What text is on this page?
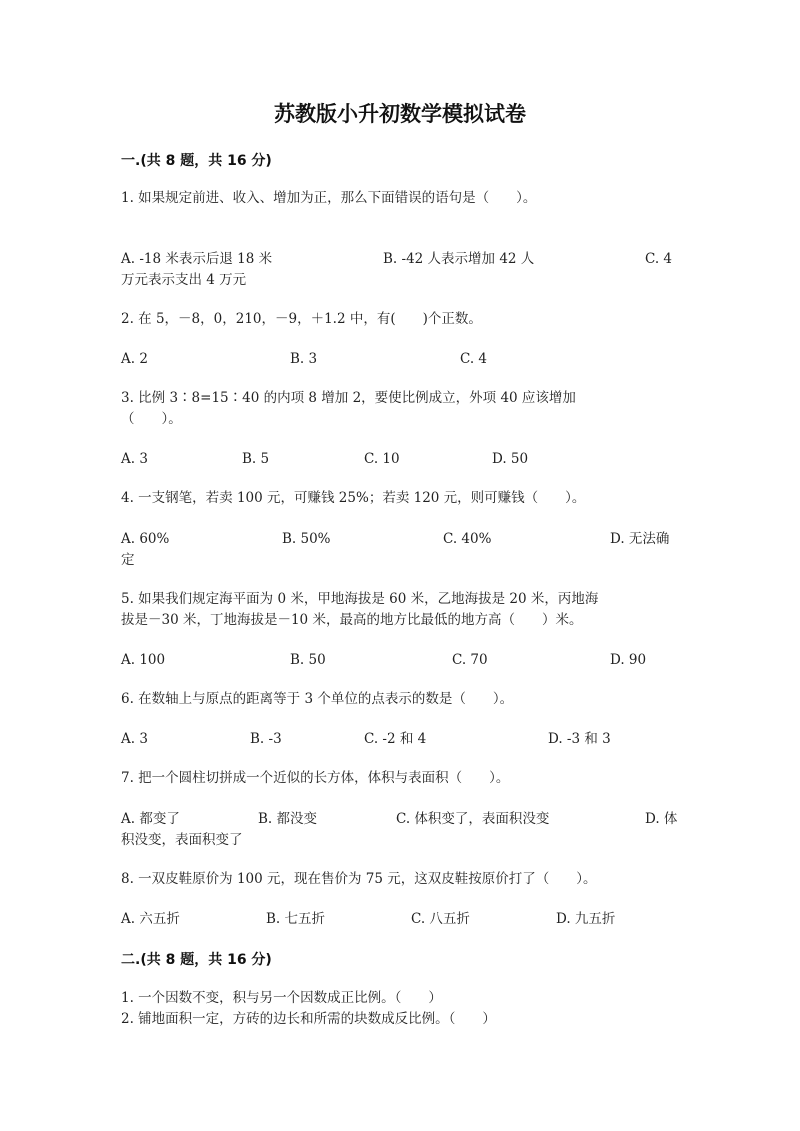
苏教版小升初数学模拟试卷

一.(共 8 题，共 16 分)

1. 如果规定前进、收入、增加为正，那么下面错误的语句是（　　）。

A. -18 米表示后退 18 米	B. -42 人表示增加 42 人	C. 4

万元表示支出 4 万元

2. 在 5，－8，0，210，－9，＋1.2 中，有(　　)个正数。

A. 2	B. 3	C. 4

3. 比例 3∶8=15∶40 的内项 8 增加 2，要使比例成立，外项 40 应该增加

（　　）。

A. 3	B. 5	C. 10	D. 50

4. 一支钢笔，若卖 100 元，可赚钱 25%；若卖 120 元，则可赚钱（　　）。

A. 60%	B. 50%	C. 40%	D. 无法确

定

5. 如果我们规定海平面为 0 米，甲地海拔是 60 米，乙地海拔是 20 米，丙地海

拔是－30 米，丁地海拔是－10 米，最高的地方比最低的地方高（　　）米。

A. 100	B. 50	C. 70	D. 90

6. 在数轴上与原点的距离等于 3 个单位的点表示的数是（　　）。

A. 3	B. -3	C. -2 和 4	D. -3 和 3

7. 把一个圆柱切拼成一个近似的长方体，体积与表面积（　　）。

A. 都变了	B. 都没变	C. 体积变了，表面积没变	D. 体

积没变，表面积变了

8. 一双皮鞋原价为 100 元，现在售价为 75 元，这双皮鞋按原价打了（　　）。

A. 六五折	B. 七五折	C. 八五折	D. 九五折

二.(共 8 题，共 16 分)

1. 一个因数不变，积与另一个因数成正比例。（　　）

2. 铺地面积一定，方砖的边长和所需的块数成反比例。（　　）
